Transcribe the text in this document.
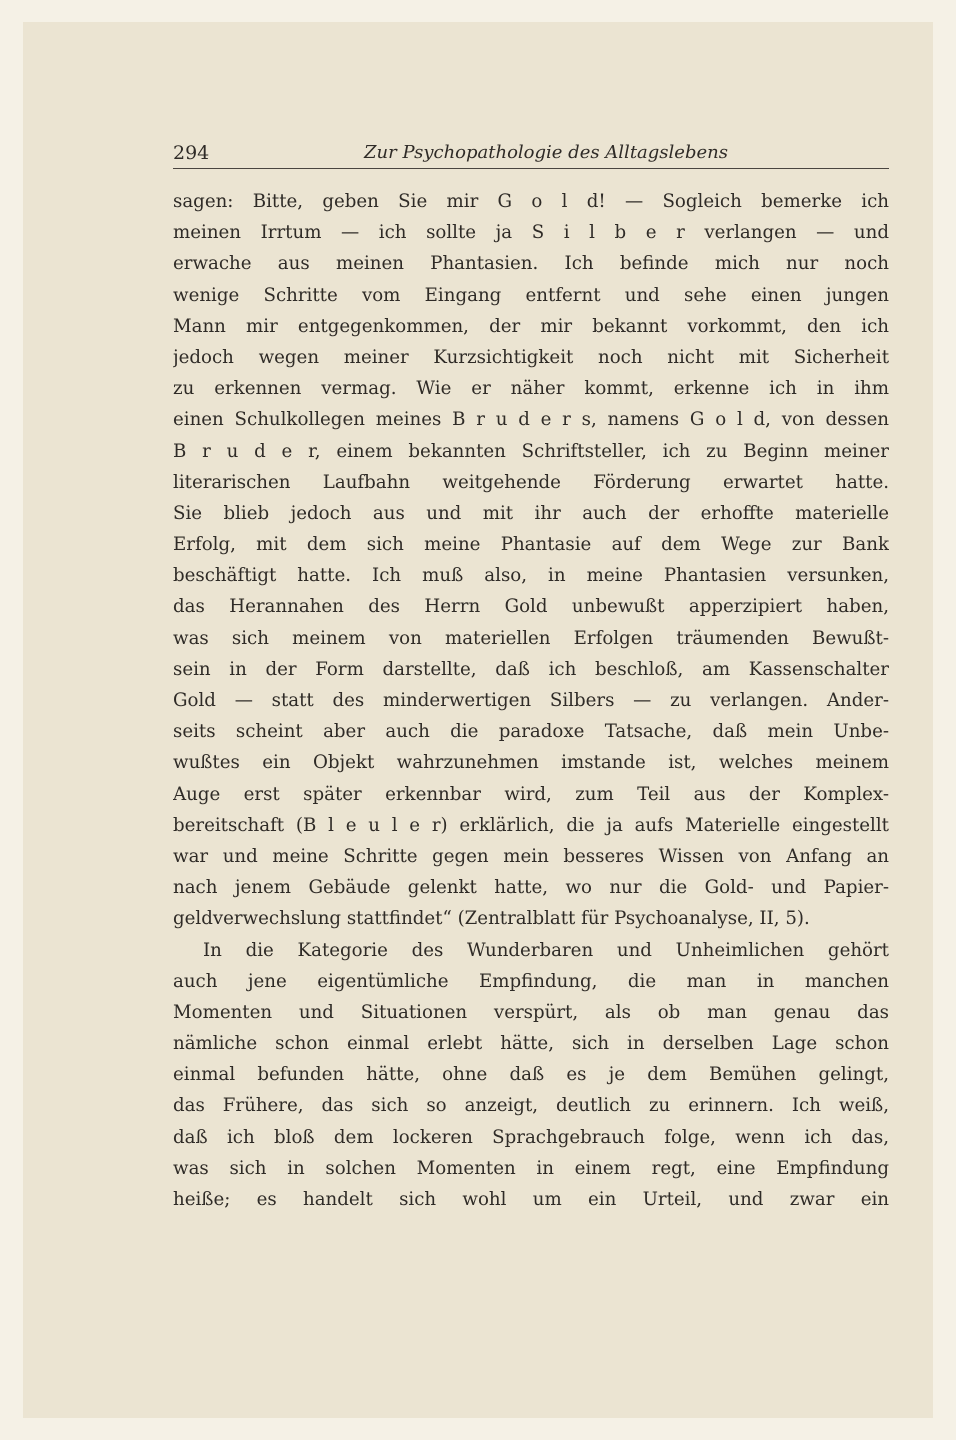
294	Zur Psychopathologie des Alltagslebens
sagen: Bitte, geben Sie mir G o l d! — Sogleich bemerke ich
meinen Irrtum — ich sollte ja S i l b e r verlangen — und
erwache aus meinen Phantasien. Ich befinde mich nur noch
wenige Schritte vom Eingang entfernt und sehe einen jungen
Mann mir entgegenkommen, der mir bekannt vorkommt, den ich
jedoch wegen meiner Kurzsichtigkeit noch nicht mit Sicherheit
zu erkennen vermag. Wie er näher kommt, erkenne ich in ihm
einen Schulkollegen meines B r u d e r s, namens G o l d, von dessen
B r u d e r, einem bekannten Schriftsteller, ich zu Beginn meiner
literarischen Laufbahn weitgehende Förderung erwartet hatte.
Sie blieb jedoch aus und mit ihr auch der erhoffte materielle
Erfolg, mit dem sich meine Phantasie auf dem Wege zur Bank
beschäftigt hatte. Ich muß also, in meine Phantasien versunken,
das Herannahen des Herrn Gold unbewußt apperzipiert haben,
was sich meinem von materiellen Erfolgen träumenden Bewußt-
sein in der Form darstellte, daß ich beschloß, am Kassenschalter
Gold — statt des minderwertigen Silbers — zu verlangen. Ander-
seits scheint aber auch die paradoxe Tatsache, daß mein Unbe-
wußtes ein Objekt wahrzunehmen imstande ist, welches meinem
Auge erst später erkennbar wird, zum Teil aus der Komplex-
bereitschaft (B l e u l e r) erklärlich, die ja aufs Materielle eingestellt
war und meine Schritte gegen mein besseres Wissen von Anfang an
nach jenem Gebäude gelenkt hatte, wo nur die Gold- und Papier-
geldverwechslung stattfindet“ (Zentralblatt für Psychoanalyse, II, 5).
In die Kategorie des Wunderbaren und Unheimlichen gehört
auch jene eigentümliche Empfindung, die man in manchen
Momenten und Situationen verspürt, als ob man genau das
nämliche schon einmal erlebt hätte, sich in derselben Lage schon
einmal befunden hätte, ohne daß es je dem Bemühen gelingt,
das Frühere, das sich so anzeigt, deutlich zu erinnern. Ich weiß,
daß ich bloß dem lockeren Sprachgebrauch folge, wenn ich das,
was sich in solchen Momenten in einem regt, eine Empfindung
heiße; es handelt sich wohl um ein Urteil, und zwar ein
